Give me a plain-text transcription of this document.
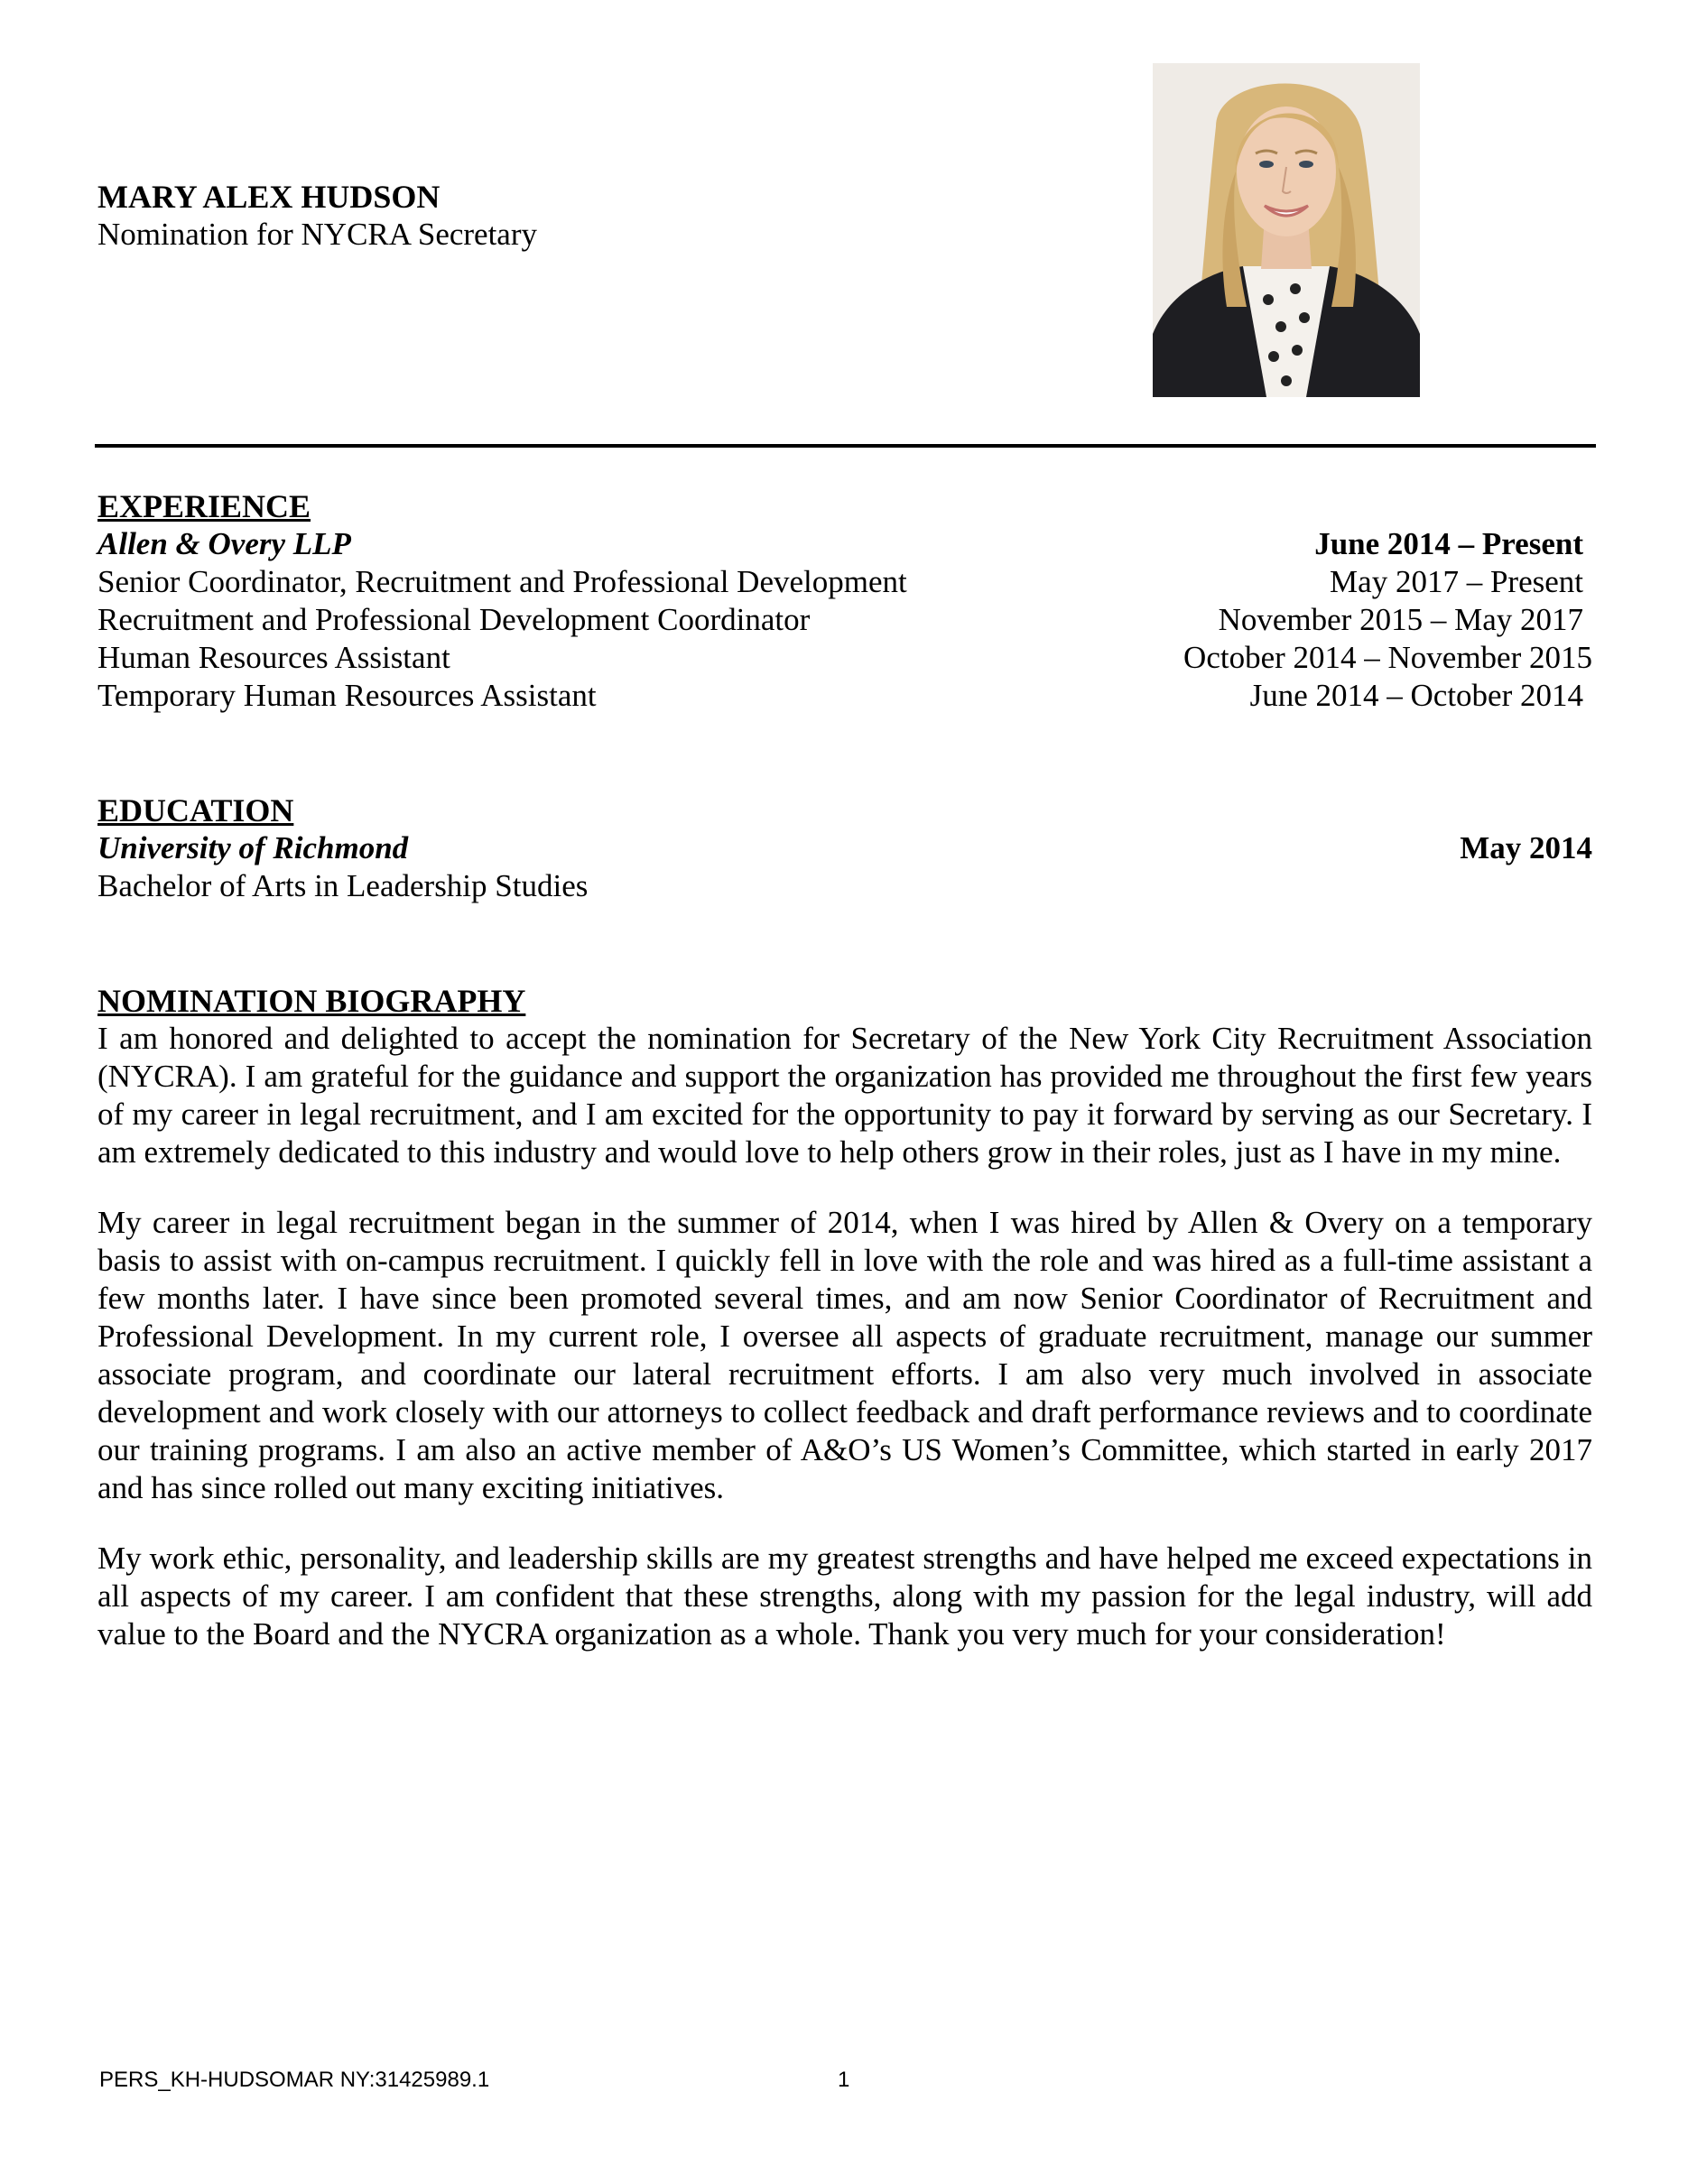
MARY ALEX HUDSON
Nomination for NYCRA Secretary
EXPERIENCE
Allen & Overy LLP	June 2014 – Present
Senior Coordinator, Recruitment and Professional Development	May 2017 – Present
Recruitment and Professional Development Coordinator	November 2015 – May 2017
Human Resources Assistant	October 2014 – November 2015
Temporary Human Resources Assistant	June 2014 – October 2014
EDUCATION
University of Richmond	May 2014
Bachelor of Arts in Leadership Studies
NOMINATION BIOGRAPHY

I am honored and delighted to accept the nomination for Secretary of the New York City Recruitment Association (NYCRA). I am grateful for the guidance and support the organization has provided me throughout the first few years of my career in legal recruitment, and I am excited for the opportunity to pay it forward by serving as our Secretary. I am extremely dedicated to this industry and would love to help others grow in their roles, just as I have in my mine.

My career in legal recruitment began in the summer of 2014, when I was hired by Allen & Overy on a temporary basis to assist with on-campus recruitment. I quickly fell in love with the role and was hired as a full-time assistant a few months later. I have since been promoted several times, and am now Senior Coordinator of Recruitment and Professional Development. In my current role, I oversee all aspects of graduate recruitment, manage our summer associate program, and coordinate our lateral recruitment efforts. I am also very much involved in associate development and work closely with our attorneys to collect feedback and draft performance reviews and to coordinate our training programs. I am also an active member of A&O’s US Women’s Committee, which started in early 2017 and has since rolled out many exciting initiatives.

My work ethic, personality, and leadership skills are my greatest strengths and have helped me exceed expectations in all aspects of my career. I am confident that these strengths, along with my passion for the legal industry, will add value to the Board and the NYCRA organization as a whole. Thank you very much for your consideration!

PERS_KH-HUDSOMAR NY:31425989.1	1
